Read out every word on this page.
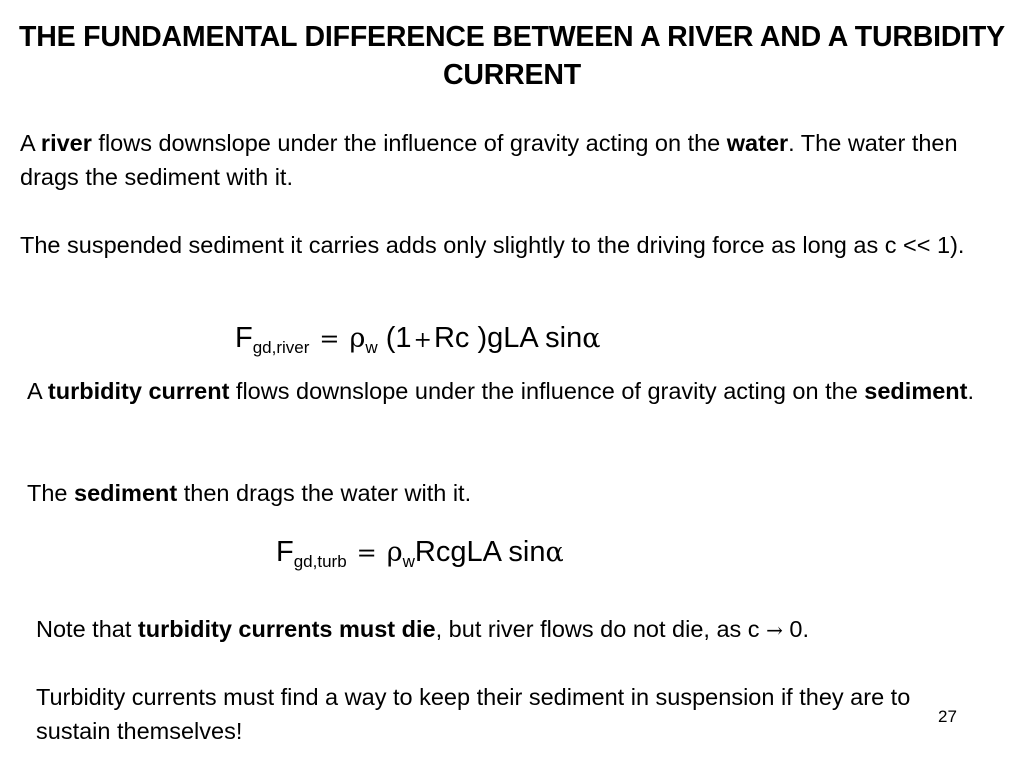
THE FUNDAMENTAL DIFFERENCE BETWEEN A RIVER AND A TURBIDITY CURRENT

A river flows downslope under the influence of gravity acting on the water. The water then drags the sediment with it.

The suspended sediment it carries adds only slightly to the driving force as long as c << 1).

$F_{gd,river} = \rho_w$ (1+Rc )gLA sinα

A turbidity current flows downslope under the influence of gravity acting on the sediment.

The sediment then drags the water with it.

$F_{gd,turb}$ = $\rho_wRcgLA$ sinα

Note that turbidity currents must die, but river flows do not die, as c → 0.

Turbidity currents must find a way to keep their sediment in suspension if they are to sustain themselves!

27
